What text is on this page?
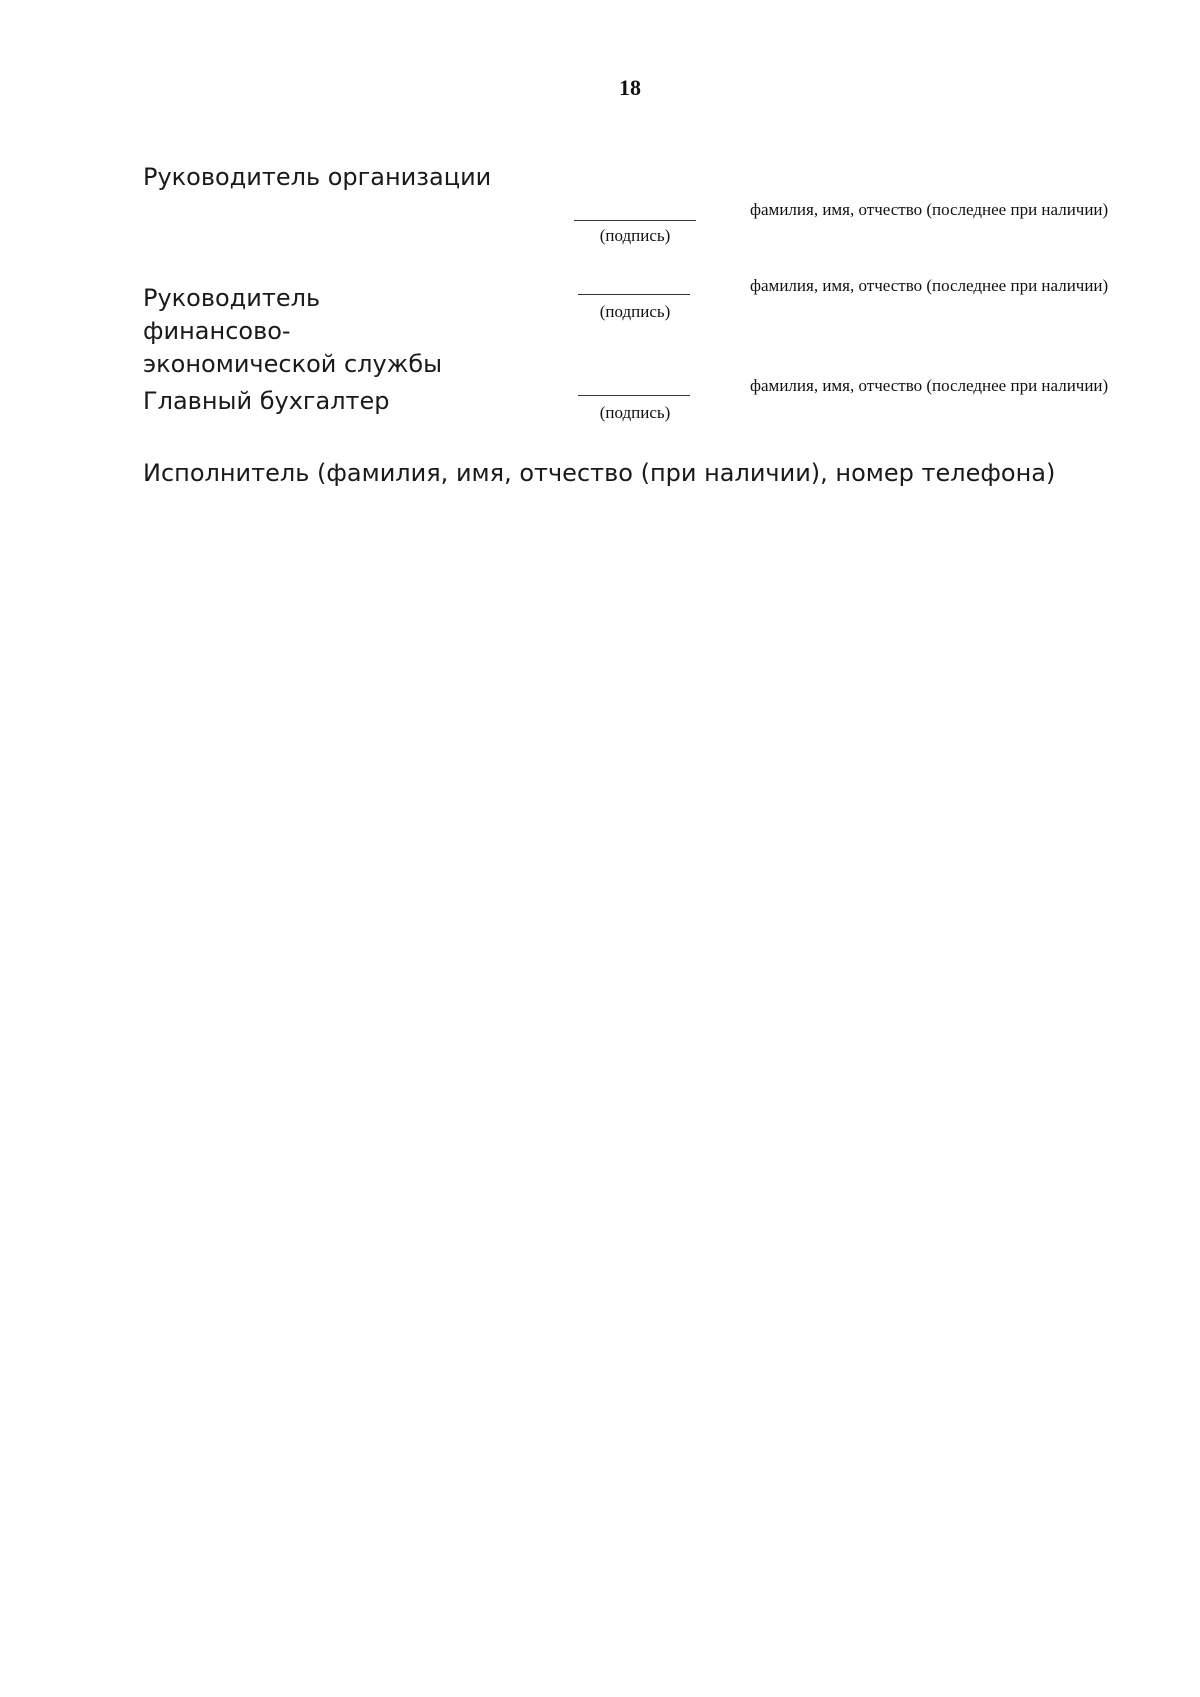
18
Руководитель организации
(подпись)
фамилия, имя, отчество (последнее при наличии)
Руководитель финансово-экономической службы
(подпись)
фамилия, имя, отчество (последнее при наличии)
Главный бухгалтер	(подпись)
фамилия, имя, отчество (последнее при наличии)
Исполнитель (фамилия, имя, отчество (при наличии), номер телефона)
